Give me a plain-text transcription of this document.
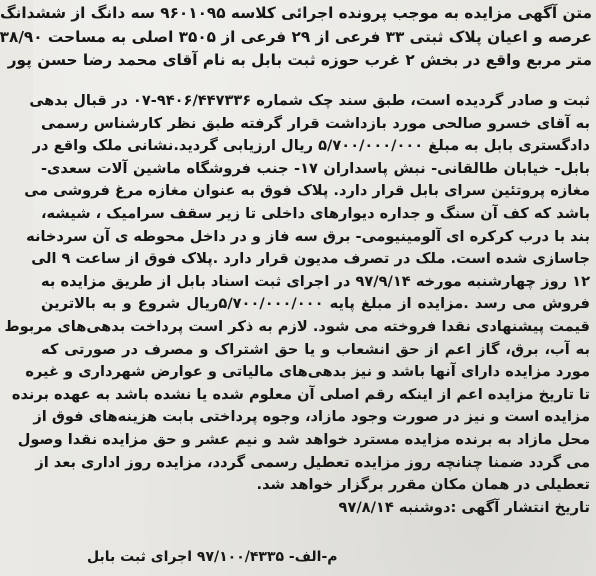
متن آگهی مزایده به موجب پرونده اجرائی کلاسه ۹۶۰۱۰۹۵ سه دانگ از ششدانگ
عرصه و اعیان پلاک ثبتی ۳۳ فرعی از ۲۹ فرعی از ۳۵۰۵ اصلی به مساحت ۳۸/۹۰
متر مربع واقع در بخش ۲ غرب حوزه ثبت بابل به نام آقای محمد رضا حسن پور
ثبت و صادر گردیده است، طبق سند چک شماره ۹۴۰۶/۴۴۷۳۳۶-۰۷ در قبال بدهی
به آقای خسرو صالحی مورد بازداشت قرار گرفته طبق نظر کارشناس رسمی
دادگستری بابل به مبلغ ۵/۷۰۰/۰۰۰/۰۰۰ ریال ارزیابی گردید.نشانی ملک واقع در
بابل- خیابان طالقانی- نبش پاسداران ۱۷- جنب فروشگاه ماشین آلات سعدی-
مغازه پروتئین سرای بابل قرار دارد. پلاک فوق به عنوان مغازه مرغ فروشی می
باشد که کف آن سنگ و جداره دیوارهای داخلی تا زیر سقف سرامیک ، شیشه،
بند با درب کرکره ای آلومینیومی- برق سه فاز و در داخل محوطه ی آن سردخانه
جاسازی شده است. ملک در تصرف مدیون قرار دارد .پلاک فوق از ساعت ۹ الی
۱۲ روز چهارشنبه مورخه ۹۷/۹/۱۴ در اجرای ثبت اسناد بابل از طریق مزایده به
فروش می رسد .مزایده از مبلغ پایه ۵/۷۰۰/۰۰۰/۰۰۰ریال شروع و به بالاترین
قیمت پیشنهادی نقدا فروخته می شود. لازم به ذکر است پرداخت بدهی‌های مربوط
به آب، برق، گاز اعم از حق انشعاب و یا حق اشتراک و مصرف در صورتی که
مورد مزایده دارای آنها باشد و نیز بدهی‌های مالیاتی و عوارض شهرداری و غیره
تا تاریخ مزایده اعم از اینکه رقم اصلی آن معلوم شده یا نشده باشد به عهده برنده
مزایده است و نیز در صورت وجود مازاد، وجوه پرداختی بابت هزینه‌های فوق از
محل مازاد به برنده مزایده مسترد خواهد شد و نیم عشر و حق مزایده نقدا وصول
می گردد ضمنا چنانچه روز مزایده تعطیل رسمی گردد، مزایده روز اداری بعد از
تعطیلی در همان مکان مقرر برگزار خواهد شد.
تاریخ انتشار آگهی :دوشنبه ۹۷/۸/۱۴
م-الف- ۹۷/۱۰۰/۴۳۳۵ اجرای ثبت بابل
